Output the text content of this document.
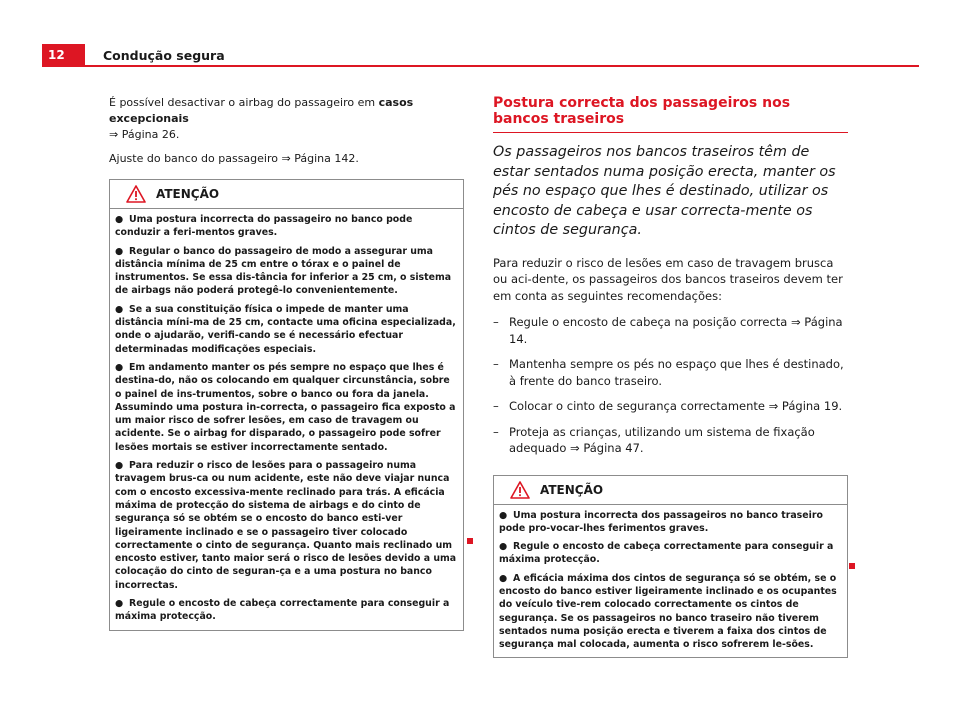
12	Condução segura

É possível desactivar o airbag do passageiro em casos excepcionais
⇒ Página 26.

Ajuste do banco do passageiro ⇒ Página 142.

ATENÇÃO

● Uma postura incorrecta do passageiro no banco pode conduzir a feri-mentos graves.

● Regular o banco do passageiro de modo a assegurar uma distância mínima de 25 cm entre o tórax e o painel de instrumentos. Se essa dis-tância for inferior a 25 cm, o sistema de airbags não poderá protegê-lo convenientemente.

● Se a sua constituição física o impede de manter uma distância míni-ma de 25 cm, contacte uma oficina especializada, onde o ajudarão, verifi-cando se é necessário efectuar determinadas modificações especiais.

● Em andamento manter os pés sempre no espaço que lhes é destina-do, não os colocando em qualquer circunstância, sobre o painel de ins-trumentos, sobre o banco ou fora da janela. Assumindo uma postura in-correcta, o passageiro fica exposto a um maior risco de sofrer lesões, em caso de travagem ou acidente. Se o airbag for disparado, o passageiro pode sofrer lesões mortais se estiver incorrectamente sentado.

● Para reduzir o risco de lesões para o passageiro numa travagem brus-ca ou num acidente, este não deve viajar nunca com o encosto excessiva-mente reclinado para trás. A eficácia máxima de protecção do sistema de airbags e do cinto de segurança só se obtém se o encosto do banco esti-ver ligeiramente inclinado e se o passageiro tiver colocado correctamente o cinto de segurança. Quanto mais reclinado um encosto estiver, tanto maior será o risco de lesões devido a uma colocação do cinto de seguran-ça e a uma postura no banco incorrectas.

● Regule o encosto de cabeça correctamente para conseguir a máxima protecção.

Postura correcta dos passageiros nos bancos traseiros

Os passageiros nos bancos traseiros têm de estar sentados numa posição erecta, manter os pés no espaço que lhes é destinado, utilizar os encosto de cabeça e usar correcta-mente os cintos de segurança.

Para reduzir o risco de lesões em caso de travagem brusca ou aci-dente, os passageiros dos bancos traseiros devem ter em conta as seguintes recomendações:

– Regule o encosto de cabeça na posição correcta ⇒ Página 14.

– Mantenha sempre os pés no espaço que lhes é destinado, à frente do banco traseiro.

– Colocar o cinto de segurança correctamente ⇒ Página 19.

– Proteja as crianças, utilizando um sistema de fixação adequado ⇒ Página 47.

ATENÇÃO

● Uma postura incorrecta dos passageiros no banco traseiro pode pro-vocar-lhes ferimentos graves.

● Regule o encosto de cabeça correctamente para conseguir a máxima protecção.

● A eficácia máxima dos cintos de segurança só se obtém, se o encosto do banco estiver ligeiramente inclinado e os ocupantes do veículo tive-rem colocado correctamente os cintos de segurança. Se os passageiros no banco traseiro não tiverem sentados numa posição erecta e tiverem a faixa dos cintos de segurança mal colocada, aumenta o risco sofrerem le-sões.
